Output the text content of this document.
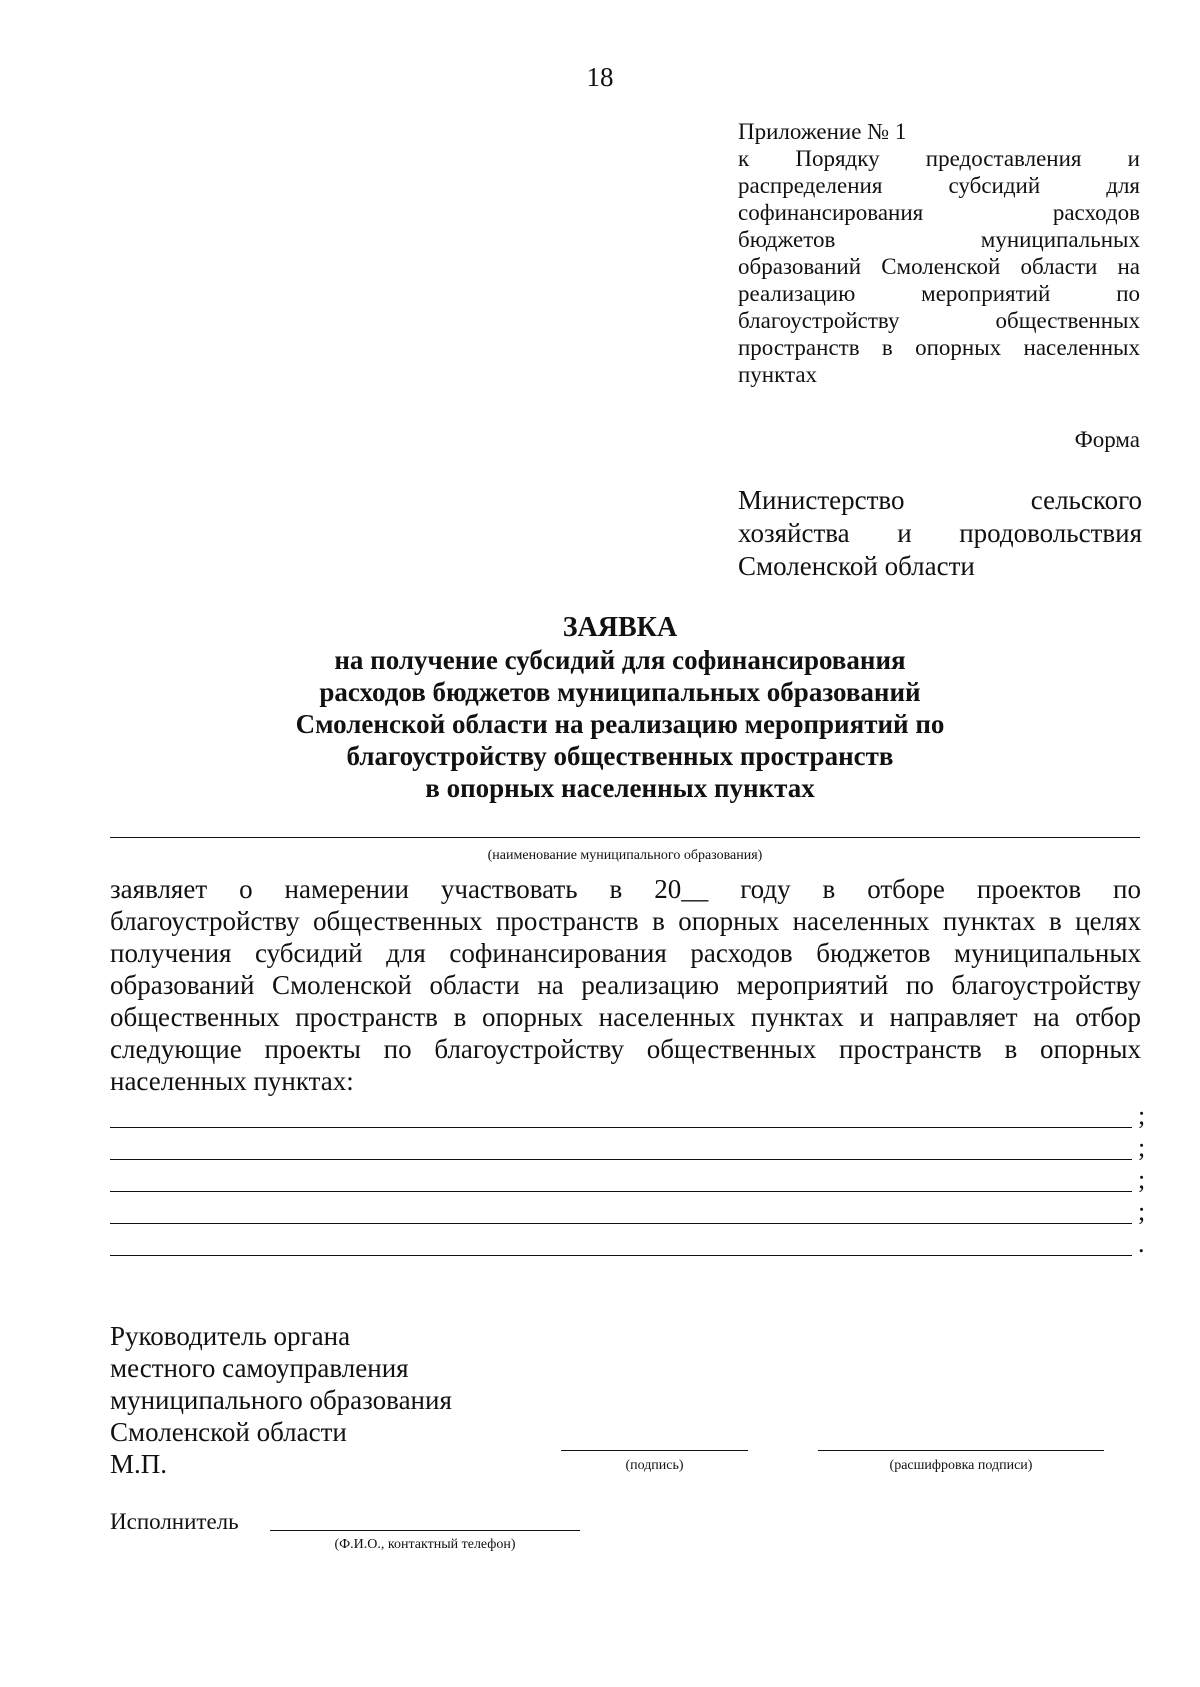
18
Приложение № 1
к Порядку предоставления и
распределения субсидий для
софинансирования расходов
бюджетов муниципальных
образований Смоленской области на
реализацию мероприятий по
благоустройству общественных
пространств в опорных населенных
пунктах
Форма
Министерство сельского
хозяйства и продовольствия
Смоленской области
ЗАЯВКА
на получение субсидий для софинансирования
расходов бюджетов муниципальных образований
Смоленской области на реализацию мероприятий по
благоустройству общественных пространств
в опорных населенных пунктах
(наименование муниципального образования)
заявляет о намерении участвовать в 20__ году в отборе проектов по
благоустройству общественных пространств в опорных населенных пунктах в целях
получения субсидий для софинансирования расходов бюджетов муниципальных
образований Смоленской области на реализацию мероприятий по благоустройству
общественных пространств в опорных населенных пунктах и направляет на отбор
следующие проекты по благоустройству общественных пространств в опорных
населенных пунктах:
;
;
;
;
.
Руководитель органа
местного самоуправления
муниципального образования
Смоленской области
М.П.	(подпись)	(расшифровка подписи)
Исполнитель
(Ф.И.О., контактный телефон)
